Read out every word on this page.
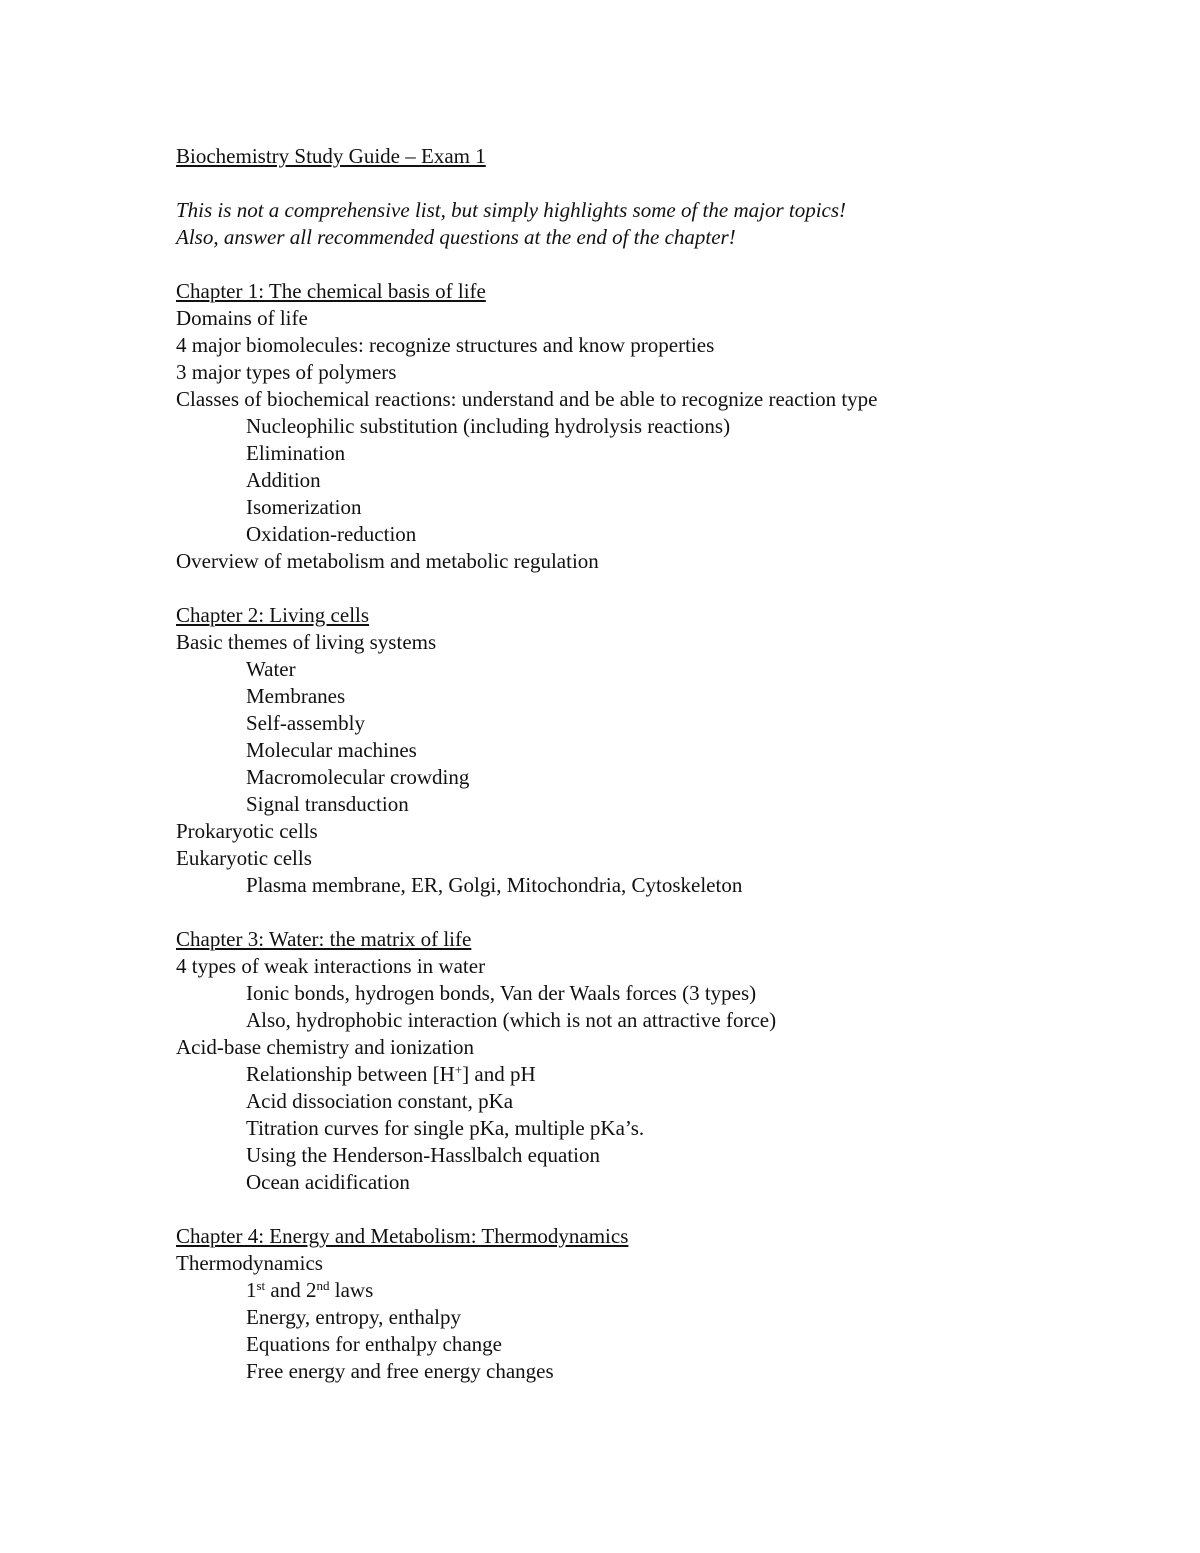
Biochemistry Study Guide – Exam 1
This is not a comprehensive list, but simply highlights some of the major topics!
Also, answer all recommended questions at the end of the chapter!
Chapter 1: The chemical basis of life
Domains of life
4 major biomolecules: recognize structures and know properties
3 major types of polymers
Classes of biochemical reactions: understand and be able to recognize reaction type
Nucleophilic substitution (including hydrolysis reactions)
Elimination
Addition
Isomerization
Oxidation-reduction
Overview of metabolism and metabolic regulation
Chapter 2: Living cells
Basic themes of living systems
Water
Membranes
Self-assembly
Molecular machines
Macromolecular crowding
Signal transduction
Prokaryotic cells
Eukaryotic cells
Plasma membrane, ER, Golgi, Mitochondria, Cytoskeleton
Chapter 3: Water: the matrix of life
4 types of weak interactions in water
Ionic bonds, hydrogen bonds, Van der Waals forces (3 types)
Also, hydrophobic interaction (which is not an attractive force)
Acid-base chemistry and ionization
Relationship between [H+] and pH
Acid dissociation constant, pKa
Titration curves for single pKa, multiple pKa’s.
Using the Henderson-Hasslbalch equation
Ocean acidification
Chapter 4: Energy and Metabolism: Thermodynamics
Thermodynamics
1st and 2nd laws
Energy, entropy, enthalpy
Equations for enthalpy change
Free energy and free energy changes
